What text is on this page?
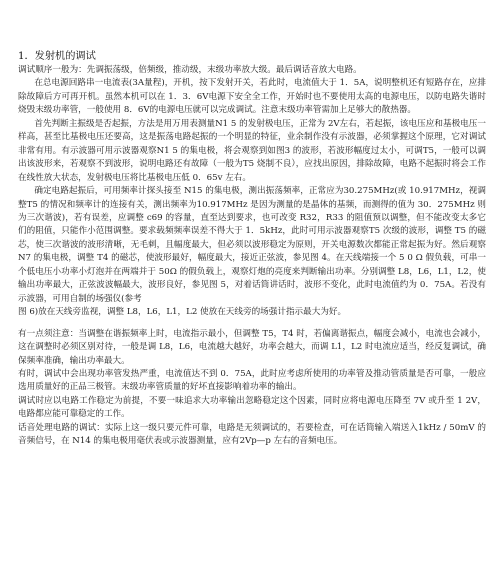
1．发射机的调试

调试顺序一般为：先调振荡级，倍频级，推动级，末级功率放大级。最后调话音放大电路。

在总电源回路串一电流表(3A量程)，开机，按下发射开关，若此时，电流值大于 1．5A，说明整机还有短路存在，应排除故障后方可再开机。虽然本机可以在 1．3．6V电源下安全全工作，开始时也不要使用太高的电源电压，以防电路失谐时烧毁末级功率管，一般使用 8．6V的电源电压就可以完成调试。注意末级功率管需加上足够大的散热器。

首先判断主振级是否起振，方法是用万用表测量N1 5 的发射极电压，正常为 2V左右，若起振，该电压应和基极电压一样高，甚至比基极电压还要高，这是振荡电路起振的一个明显的特征，业余制作没有示波器，必须掌握这个原理，它对调试非常有用。有示波器可用示波器观察N1 5 的集电极，将会观察到如图3 的波形，若波形幅度过太小，可调T5，一般可以调出该波形来，若观察不到波形，说明电路还有故障（一般为T5 烧制不良），应找出原因，排除故障，电路不起振时将会工作在线性放大状态，发射极电压将比基极电压低 0．65v 左右。

确定电路起振后，可用频率计探头接至 N15 的集电极，测出振荡频率，正常应为30.275MHz(或 10.917MHz，视调整T5 的情况和频率计的连接有关，测出频率为10.917MHz 是因为测量的是晶体的基频，而测得的值为 30．275MHz 则为三次谐波)，若有误差，应调整 c69 的容量，直至达到要求，也可改变 R32，R33 的阻值预以调整，但不能改变太多它们的阻值，只能作小范围调整。要求载频频率误差不得大于 1．5kHz，此时可用示波器观察T5 次级的波形，调整 T5 的磁芯，使三次谐波的波形清晰，无毛刺，且幅度最大，但必须以波形稳定为原则，开关电源数次都能正常起振为好。然后观察 N7 的集电极，调整 T4 的磁芯，使波形最好，幅度最大，接近正弦波，参见图 4。在天线端接一个 5 0 Ω 假负载，可串一个低电压小功率小灯泡并在两端并于 50Ω 的假负载上，观察灯炮的亮度来判断输出功率。分别调整 L8，L6，L1，L2，使输出功率最大，正弦波波幅最大，波形良好，参见图 5，对着话筒讲话时，波形不变化，此时电流值约为 0．75A。若没有示波器，可用自制的场强仪(参考

图 6)放在天线旁监视，调整 L8，L6，L1，L2 使放在天线旁的场强计指示最大为好。

有一点须注意：当调整在谐振频率上时，电流指示最小，但调整 T5，T4 时，若偏离谐振点，幅度会减小，电流也会减小，这在调整时必须区别对待，一般是调 L8，L6，电流越大越好，功率会越大，而调 L1，L2 时电流应适当，经反复调试，确保频率准确，输出功率最大。

有时，调试中会出现功率管发热严重，电流值达不到 0．75A，此时应考虑所使用的功率管及推动管质量是否可靠，一般应选用质量好的正品三极管。末级功率管质量的好坏直接影响着功率的输出。

调试时应以电路工作稳定为前提，不要一味追求大功率输出忽略稳定这个因素，同时应将电源电压降至 7V 或升至 1 2V，电路都应能可靠稳定的工作。

话音处理电路的调试：实际上这一级只要元件可靠，电路是无须调试的，若要检查，可在话筒输入端送入1kHz / 50mV 的音频信号，在 N14 的集电极用毫伏表或示波器测量，应有2Vp—p 左右的音频电压。
